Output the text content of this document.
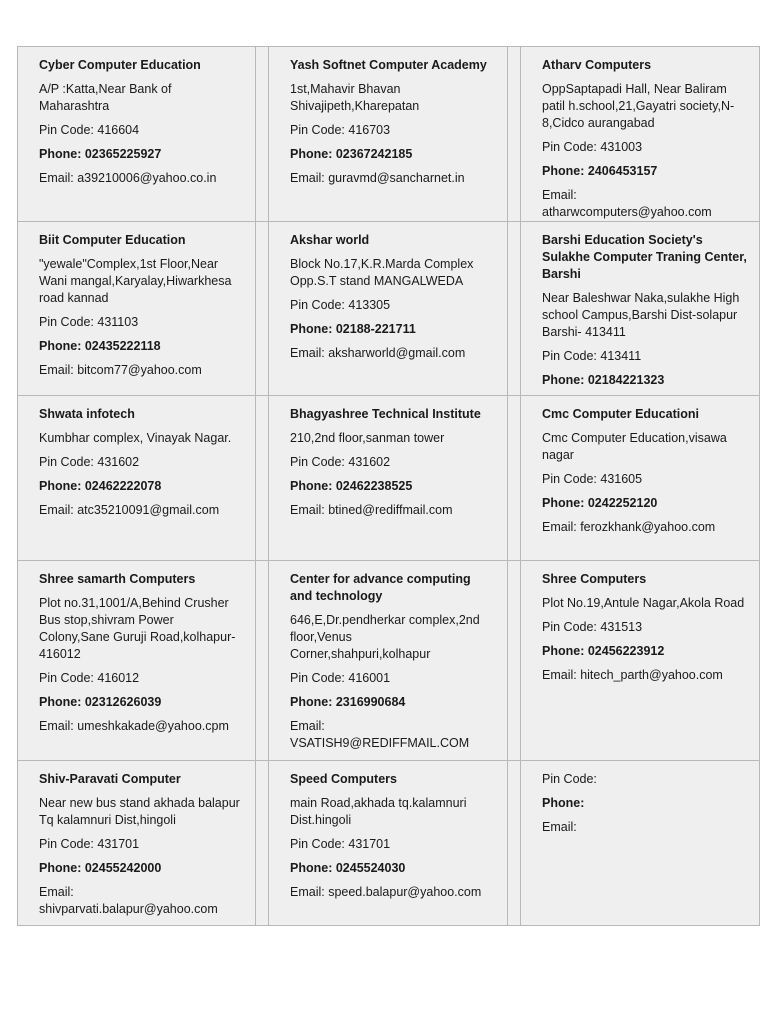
Cyber Computer Education
A/P :Katta,Near Bank of Maharashtra
Pin Code: 416604
Phone: 02365225927
Email: a39210006@yahoo.co.in
Yash Softnet Computer Academy
1st,Mahavir Bhavan Shivajipeth,Kharepatan
Pin Code: 416703
Phone: 02367242185
Email: guravmd@sancharnet.in
Atharv Computers
OppSaptapadi Hall, Near Baliram patil h.school,21,Gayatri society,N-8,Cidco aurangabad
Pin Code: 431003
Phone: 2406453157
Email:
atharwcomputers@yahoo.com
Biit Computer Education
"yewale"Complex,1st Floor,Near Wani mangal,Karyalay,Hiwarkhesa road kannad
Pin Code: 431103
Phone: 02435222118
Email: bitcom77@yahoo.com
Akshar world
Block No.17,K.R.Marda Complex Opp.S.T stand MANGALWEDA
Pin Code: 413305
Phone: 02188-221711
Email: aksharworld@gmail.com
Barshi Education Society's Sulakhe Computer Traning Center, Barshi
Near Baleshwar Naka,sulakhe High school Campus,Barshi Dist-solapur Barshi- 413411
Pin Code: 413411
Phone: 02184221323
Shwata infotech
Kumbhar complex, Vinayak Nagar.
Pin Code: 431602
Phone: 02462222078
Email: atc35210091@gmail.com
Bhagyashree Technical Institute
210,2nd floor,sanman tower
Pin Code: 431602
Phone: 02462238525
Email: btined@rediffmail.com
Cmc Computer Educationi
Cmc Computer Education,visawa nagar
Pin Code: 431605
Phone: 0242252120
Email: ferozkhank@yahoo.com
Shree samarth Computers
Plot no.31,1001/A,Behind Crusher Bus stop,shivram Power Colony,Sane Guruji Road,kolhapur-416012
Pin Code: 416012
Phone: 02312626039
Email: umeshkakade@yahoo.cpm
Center for advance computing and technology
646,E,Dr.pendherkar complex,2nd floor,Venus Corner,shahpuri,kolhapur
Pin Code: 416001
Phone: 2316990684
Email:
VSATISH9@REDIFFMAIL.COM
Shree Computers
Plot No.19,Antule Nagar,Akola Road
Pin Code: 431513
Phone: 02456223912
Email: hitech_parth@yahoo.com
Shiv-Paravati Computer
Near new bus stand akhada balapur Tq kalamnuri Dist,hingoli
Pin Code: 431701
Phone: 02455242000
Email:
shivparvati.balapur@yahoo.com
Speed Computers
main Road,akhada tq.kalamnuri Dist.hingoli
Pin Code: 431701
Phone: 0245524030
Email: speed.balapur@yahoo.com
Pin Code:
Phone:
Email:
